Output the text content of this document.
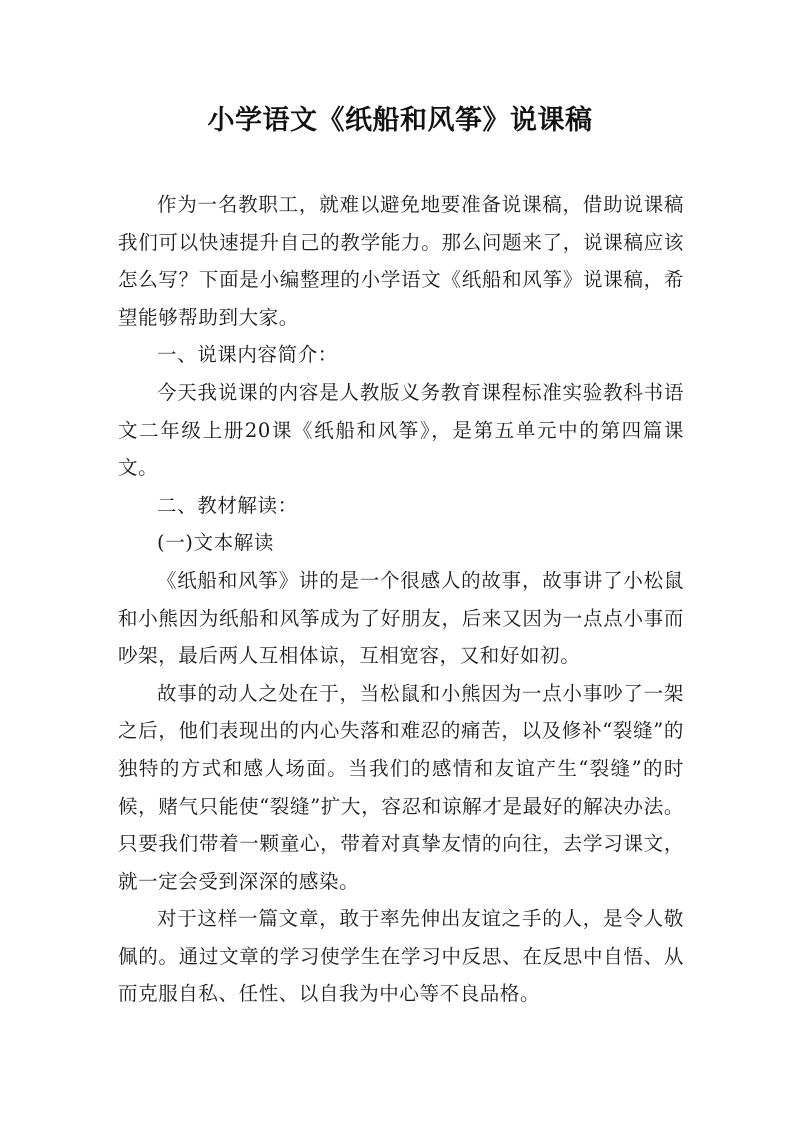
小学语文《纸船和风筝》说课稿

作为一名教职工，就难以避免地要准备说课稿，借助说课稿我们可以快速提升自己的教学能力。那么问题来了，说课稿应该怎么写？下面是小编整理的小学语文《纸船和风筝》说课稿，希望能够帮助到大家。

一、说课内容简介：

今天我说课的内容是人教版义务教育课程标准实验教科书语文二年级上册20课《纸船和风筝》，是第五单元中的第四篇课文。

二、教材解读：

(一)文本解读

《纸船和风筝》讲的是一个很感人的故事，故事讲了小松鼠和小熊因为纸船和风筝成为了好朋友，后来又因为一点点小事而吵架，最后两人互相体谅，互相宽容，又和好如初。

故事的动人之处在于，当松鼠和小熊因为一点小事吵了一架之后，他们表现出的内心失落和难忍的痛苦，以及修补“裂缝”的独特的方式和感人场面。当我们的感情和友谊产生“裂缝”的时候，赌气只能使“裂缝”扩大，容忍和谅解才是最好的解决办法。只要我们带着一颗童心，带着对真挚友情的向往，去学习课文，就一定会受到深深的感染。

对于这样一篇文章，敢于率先伸出友谊之手的人，是令人敬佩的。通过文章的学习使学生在学习中反思、在反思中自悟、从而克服自私、任性、以自我为中心等不良品格。
